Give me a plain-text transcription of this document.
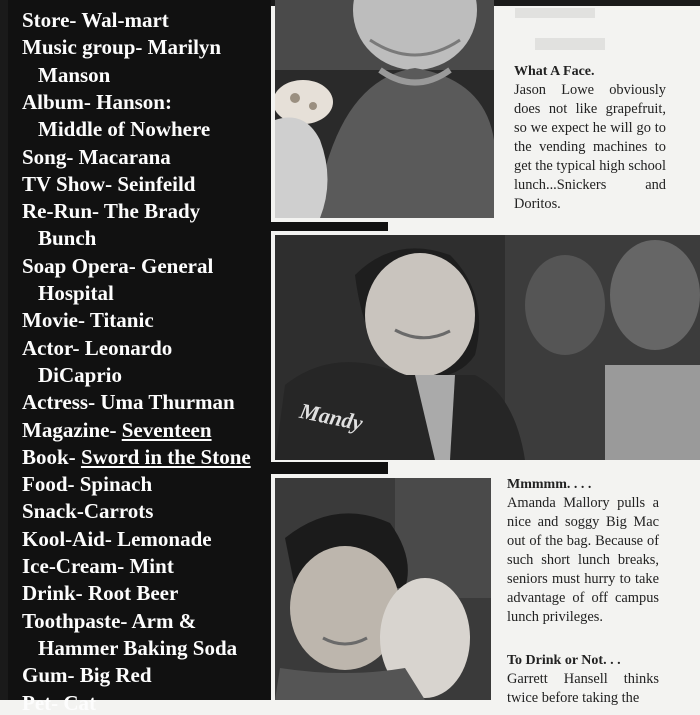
Store- Wal-mart
Music group- Marilyn
Manson
Album- Hanson:
Middle of Nowhere
Song- Macarana
TV Show- Seinfeild
Re-Run- The Brady
Bunch
Soap Opera- General
Hospital
Movie- Titanic
Actor- Leonardo
DiCaprio
Actress- Uma Thurman
Magazine- Seventeen
Book- Sword in the Stone
Food- Spinach
Snack-Carrots
Kool-Aid- Lemonade
Ice-Cream- Mint
Drink- Root Beer
Toothpaste- Arm &
Hammer Baking Soda
Gum- Big Red
Pet- Cat
What A Face.
Jason Lowe obviously does not like grapefruit, so we expect he will go to the vending machines to get the typical high school lunch...Snickers and Doritos.
Mandy
Mmmmm. . . .
Amanda Mallory pulls a nice and soggy Big Mac out of the bag. Because of such short lunch breaks, seniors must hurry to take advantage of off campus lunch privileges.
To Drink or Not. . .
Garrett Hansell thinks twice before taking the
